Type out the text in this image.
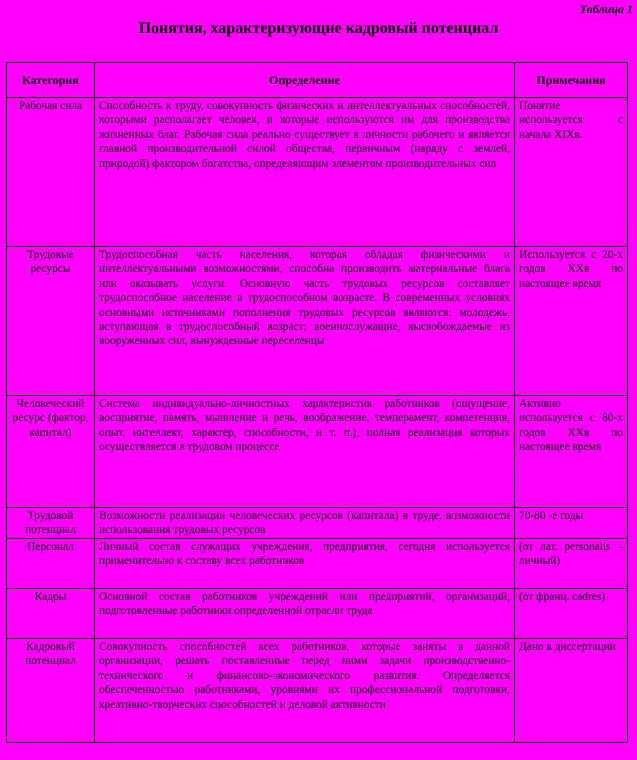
Таблица 1
Понятия, характеризующие кадровый потенциал
Категория	Определение	Примечания
Рабочая сила	Способность к труду, совокупность физических и интеллектуальных способностей, которыми располагает человек, и которые используются им для производства жизненных благ. Рабочая сила реально существует в личности рабочего и является главной производительной силой общества, первичным (наряду с землей, природой) фактором богатства, определяющим элементом производительных сил	Понятие используется с начала XIXв.
Трудовые ресурсы	Трудоспособная часть населения, которая обладая физическими и интеллектуальными возможностями, способна производить материальные блага или оказывать услуги. Основную часть трудовых ресурсов составляет трудоспособное население в трудоспособном возрасте. В современных условиях основными источниками пополнения трудовых ресурсов являются: молодежь, вступающая в трудоспособный возраст; военнослужащие, высвобождаемые из вооруженных сил, вынужденные переселенцы	Используется с 20-х годов XXв по настоящее время
Человеческий ресурс (фактор, капитал)	Система индивидуально-личностных характеристик работников (ощущение, восприятие, память, мышление и речь, воображение, темперамент, компетенция, опыт, интеллект, характер, способности, и т. п.), полная реализация которых осуществляется в трудовом процессе	Активно используется с 80-х годов XXв по настоящее время
Трудовой потенциал	Возможности реализации человеческих ресурсов (капитала) в труде, возможности использования трудовых ресурсов	70-80 -е годы
Персонал	Личный состав служащих учреждения, предприятия, сегодня используется применительно к составу всех работников	(от лат. personalis – личный)
Кадры	Основной состав работников учреждений или предприятий, организаций, подготовленные работники определенной отрасли труда	(от франц. cadres)
Кадровый потенциал	Совокупность способностей всех работников, которые заняты в данной организации, решать поставленные перед ними задачи производственно-технического и финансово-экономического развития. Определяется обеспеченностью работниками, уровнями их профессиональной подготовки, креативно-творческих способностей и деловой активности	Дано в диссертации
